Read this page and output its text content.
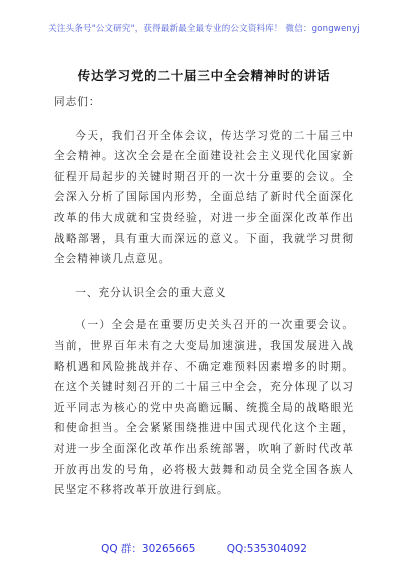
关注头条号"公文研究"，获得最新最全最专业的公文资料库！ 微信：gongwenyj
传达学习党的二十届三中全会精神时的讲话

同志们：

今天，我们召开全体会议，传达学习党的二十届三中全会精神。这次全会是在全面建设社会主义现代化国家新征程开局起步的关键时期召开的一次十分重要的会议。全会深入分析了国际国内形势，全面总结了新时代全面深化改革的伟大成就和宝贵经验，对进一步全面深化改革作出战略部署，具有重大而深远的意义。下面，我就学习贯彻全会精神谈几点意见。

一、充分认识全会的重大意义

（一）全会是在重要历史关头召开的一次重要会议。当前，世界百年未有之大变局加速演进，我国发展进入战略机遇和风险挑战并存、不确定难预料因素增多的时期。在这个关键时刻召开的二十届三中全会，充分体现了以习近平同志为核心的党中央高瞻远瞩、统揽全局的战略眼光和使命担当。全会紧紧围绕推进中国式现代化这个主题，对进一步全面深化改革作出系统部署，吹响了新时代改革开放再出发的号角，必将极大鼓舞和动员全党全国各族人民坚定不移将改革开放进行到底。

QQ 群：30265665	QQ:535304092
